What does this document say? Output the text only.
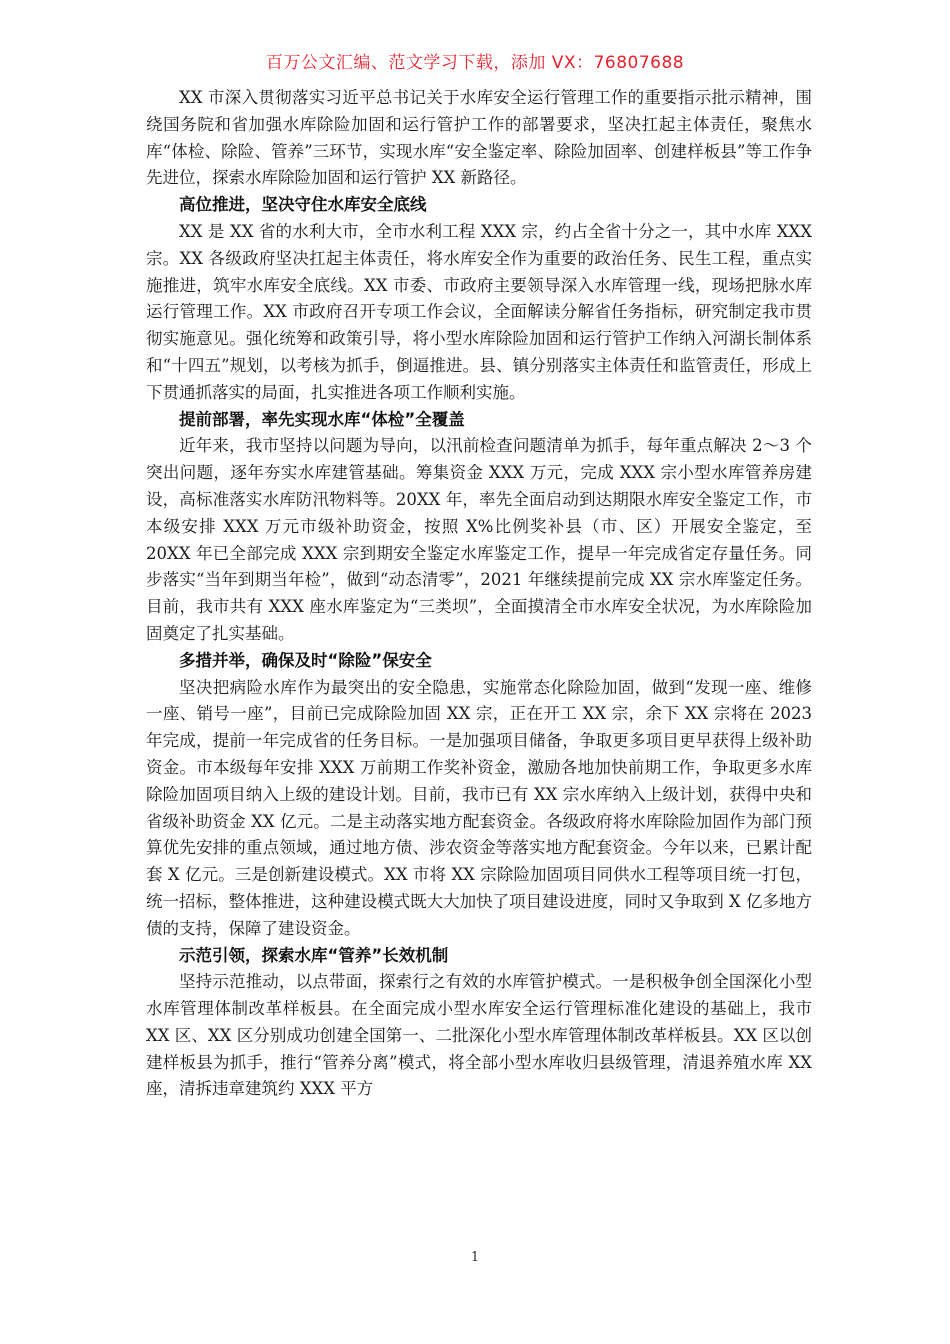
百万公文汇编、范文学习下载，添加 VX：76807688

XX 市深入贯彻落实习近平总书记关于水库安全运行管理工作的重要指示批示精神，围绕国务院和省加强水库除险加固和运行管护工作的部署要求，坚决扛起主体责任，聚焦水库“体检、除险、管养”三环节，实现水库“安全鉴定率、除险加固率、创建样板县”等工作争先进位，探索水库除险加固和运行管护 XX 新路径。

高位推进，坚决守住水库安全底线

XX 是 XX 省的水利大市，全市水利工程 XXX 宗，约占全省十分之一，其中水库 XXX 宗。XX 各级政府坚决扛起主体责任，将水库安全作为重要的政治任务、民生工程，重点实施推进，筑牢水库安全底线。XX 市委、市政府主要领导深入水库管理一线，现场把脉水库运行管理工作。XX 市政府召开专项工作会议，全面解读分解省任务指标，研究制定我市贯彻实施意见。强化统筹和政策引导，将小型水库除险加固和运行管护工作纳入河湖长制体系和“十四五”规划，以考核为抓手，倒逼推进。县、镇分别落实主体责任和监管责任，形成上下贯通抓落实的局面，扎实推进各项工作顺利实施。

提前部署，率先实现水库“体检”全覆盖

近年来，我市坚持以问题为导向，以汛前检查问题清单为抓手，每年重点解决 2～3 个突出问题，逐年夯实水库建管基础。筹集资金 XXX 万元，完成 XXX 宗小型水库管养房建设，高标准落实水库防汛物料等。20XX 年，率先全面启动到达期限水库安全鉴定工作，市本级安排 XXX 万元市级补助资金，按照 X%比例奖补县（市、区）开展安全鉴定，至 20XX 年已全部完成 XXX 宗到期安全鉴定水库鉴定工作，提早一年完成省定存量任务。同步落实“当年到期当年检”，做到“动态清零”，2021 年继续提前完成 XX 宗水库鉴定任务。目前，我市共有 XXX 座水库鉴定为“三类坝”，全面摸清全市水库安全状况，为水库除险加固奠定了扎实基础。

多措并举，确保及时“除险”保安全

坚决把病险水库作为最突出的安全隐患，实施常态化除险加固，做到“发现一座、维修一座、销号一座”，目前已完成除险加固 XX 宗，正在开工 XX 宗，余下 XX 宗将在 2023 年完成，提前一年完成省的任务目标。一是加强项目储备，争取更多项目更早获得上级补助资金。市本级每年安排 XXX 万前期工作奖补资金，激励各地加快前期工作，争取更多水库除险加固项目纳入上级的建设计划。目前，我市已有 XX 宗水库纳入上级计划，获得中央和省级补助资金 XX 亿元。二是主动落实地方配套资金。各级政府将水库除险加固作为部门预算优先安排的重点领域，通过地方债、涉农资金等落实地方配套资金。今年以来，已累计配套 X 亿元。三是创新建设模式。XX 市将 XX 宗除险加固项目同供水工程等项目统一打包，统一招标，整体推进，这种建设模式既大大加快了项目建设进度，同时又争取到 X 亿多地方债的支持，保障了建设资金。

示范引领，探索水库“管养”长效机制

坚持示范推动，以点带面，探索行之有效的水库管护模式。一是积极争创全国深化小型水库管理体制改革样板县。在全面完成小型水库安全运行管理标准化建设的基础上，我市 XX 区、XX 区分别成功创建全国第一、二批深化小型水库管理体制改革样板县。XX 区以创建样板县为抓手，推行“管养分离”模式，将全部小型水库收归县级管理，清退养殖水库 XX 座，清拆违章建筑约 XXX 平方

1
